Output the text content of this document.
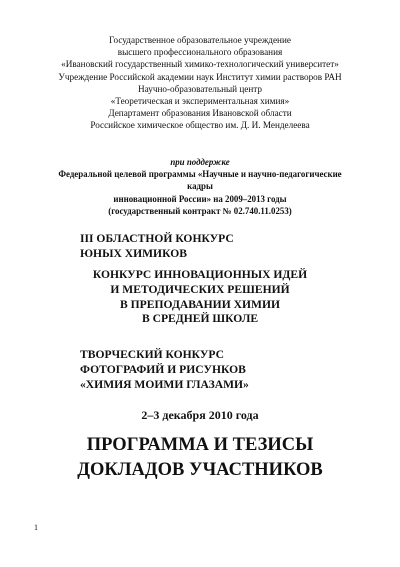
Государственное образовательное учреждение
высшего профессионального образования
«Ивановский государственный химико-технологический университет»
Учреждение Российской академии наук Институт химии растворов РАН
Научно-образовательный центр
«Теоретическая и экспериментальная химия»
Департамент образования Ивановской области
Российское химическое общество им. Д. И. Менделеева
при поддержке
Федеральной целевой программы «Научные и научно-педагогические
кадры
инновационной России» на 2009–2013 годы
(государственный контракт № 02.740.11.0253)
III ОБЛАСТНОЙ КОНКУРС
ЮНЫХ ХИМИКОВ
КОНКУРС ИННОВАЦИОННЫХ ИДЕЙ
И МЕТОДИЧЕСКИХ РЕШЕНИЙ
В ПРЕПОДАВАНИИ ХИМИИ
В СРЕДНЕЙ ШКОЛЕ
ТВОРЧЕСКИЙ КОНКУРС
ФОТОГРАФИЙ И РИСУНКОВ
«ХИМИЯ МОИМИ ГЛАЗАМИ»
2–3 декабря 2010 года
ПРОГРАММА И ТЕЗИСЫ
ДОКЛАДОВ УЧАСТНИКОВ
1
